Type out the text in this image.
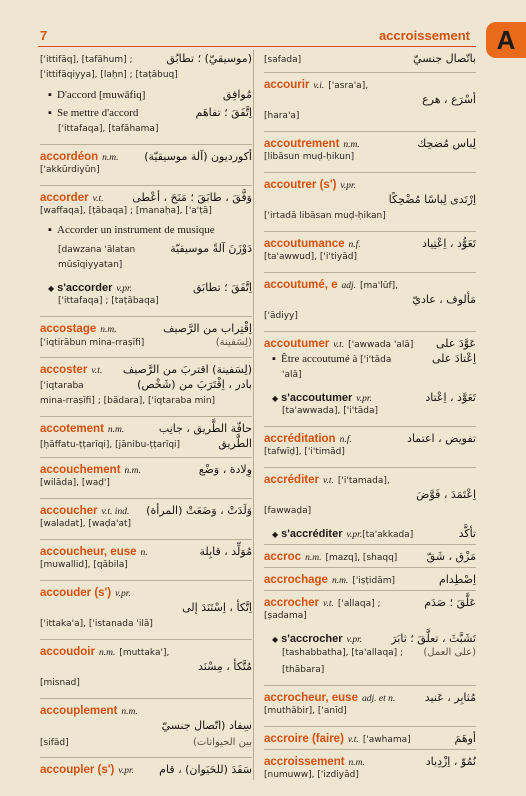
7	accroissement	A
['ittifāq], [tafāhum] ;	(موسيقيّ) ؛ تطابُق
['ittifāqiyya], [laḥn] ; [taṭābuq]
▪ D'accord [muwāfiq]	مُوافِق
▪ Se mettre d'accord	اِتَّفَقَ ؛ تفاهَم
['ittafaqa], [tafāhama]
accordéon n.m. أكورديون (آلة موسيقيّة)
['akkūrdiyūn]
accorder v.t.	وَفَّقَ ، طابَقَ ؛ مَنَحَ ، أعْطى
[waffaqa], [ṭābaqa] ; [manaḥa], ['a'ṭā]
▪ Accorder un instrument de musique
[dawzana 'ālatan	دَوْزَنَ آلةً موسيقيّة
mūsīqiyyatan]
◆ s'accorder v.pr.	اِتَّفَقَ ؛ تطابَق
['ittafaqa] ; [taṭābaqa]
accostage n.m.	اِقْتِراب من الرَّصيف
['iqtirābun mina-rraṣīfi]	(لِسَفينة)
accoster v.t. (لِسَفينة) اقتربَ من الرَّصيف
['iqtaraba	بادر ، اِقْتَرَبَ من (شَخْص)
mina-rraṣīfi] ; [bādara], ['iqtaraba min]
accotement n.m.	حافّة الطَّريق ، جانِب
[ḥāffatu-ṭṭarīqi], [jānibu-ṭṭarīqi]	الطَّريق
accouchement n.m.	وِلادة ، وَضْع
[wilāda], [waḍ']
accoucher v.t. ind. وَلَدَتْ ، وَضَعَتْ (المرأة)
[waladat], [waḍa'at]
accoucheur, euse n.	مُوَلِّد ، قابِلة
[muwallid], [qābila]
accouder (s') v.pr.
اِتَّكأ ، اِسْتَنَدَ إلى
['ittaka'a], ['istanada 'ilā]
accoudoir n.m. [muttaka'],
مُتَّكأ ، مِسْنَد
[misnad]
accouplement n.m.
سِفاد (اتّصال جنسيّ
[sifād]	بين الحيوانات)
accoupler (s') v.pr. سَفَدَ (للحَيَوان) ، قام
[safada]	باتّصال جنسيّ
accourir v.i. ['asra'a],
أسْرَع ، هرع
[hara'a]
accoutrement n.m.	لِباس مُضحِك
[libāsun muḍ-ḥikun]
accoutrer (s') v.pr.
اِرْتَدى لِباسًا مُضْحِكًا
['irtadā libāsan muḍ-ḥikan]
accoutumance n.f.	تَعَوُّد ، اِعْتِياد
[ta'awwud], ['i'tiyād]
accoutumé, e adj. [ma'lūf],
مَألوف ، عاديّ
['ādiyy]
accoutumer v.t. ['awwada 'alā] عَوَّدَ على
▪ Être accoutumé à ['i'tāda	اِعْتادَ على
'alā]
◆ s'accoutumer v.pr.	تَعَوَّد ، اِعْتاد
[ta'awwada], ['i'tāda]
accréditation n.f.	تفويض ، اعتماد
[tafwīḍ], ['i'timād]
accréditer v.t. ['i'tamada],
اِعْتَمَدَ ، فَوَّضَ
[fawwaḍa]
◆ s'accréditer v.pr.[ta'akkada]	تأكَّد
accroc n.m. [mazq], [shaqq]	مَزْق ، شَقّ
accrochage n.m. ['iṣṭidām]	اِصْطِدام
accrocher v.t. ['allaqa] ;	عَلَّقَ ؛ صَدَم
[ṣadama]
◆ s'accrocher v.pr.	تَشَبَّثَ ، تعلَّقَ ؛ ثابَرَ
[tashabbatha], [ta'allaqa] ; (على العمل)
[thābara]
accrocheur, euse adj. et n.	مُثابِر ، عَنيد
[muthābir], ['anīd]
accroire (faire) v.t. ['awhama]	أوهَمَ
accroissement n.m.	نُمُوّ ، اِزْدِياد
[numuww], ['izdiyād]
